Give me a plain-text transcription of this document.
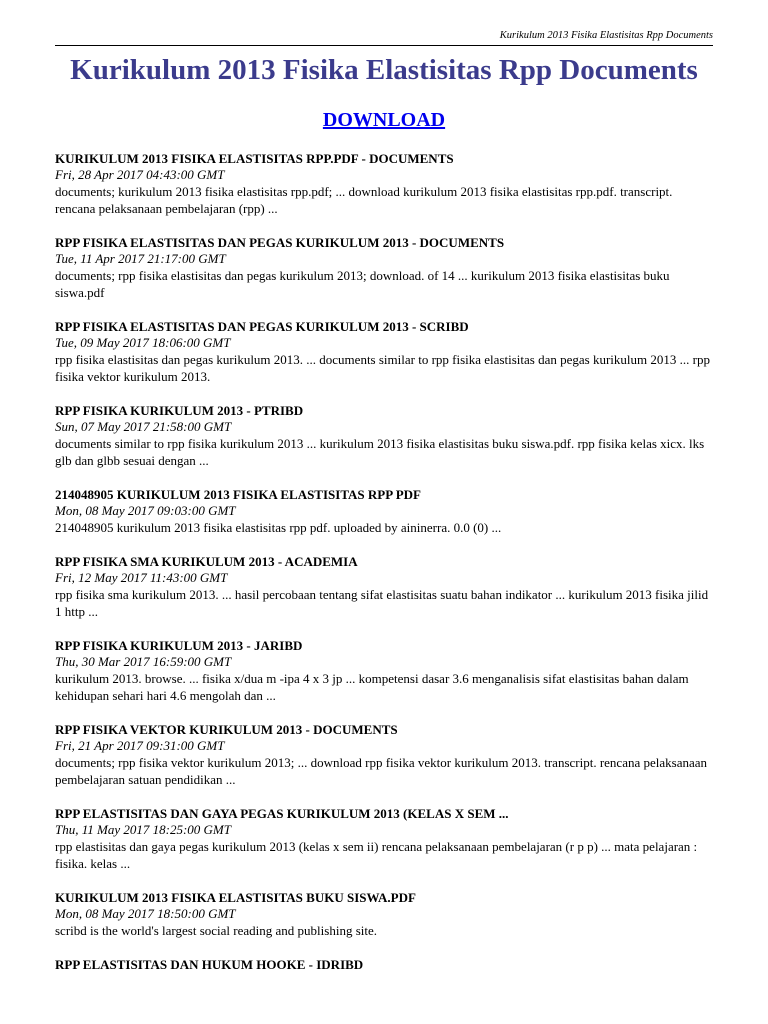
Kurikulum 2013 Fisika Elastisitas Rpp Documents
Kurikulum 2013 Fisika Elastisitas Rpp Documents
DOWNLOAD
KURIKULUM 2013 FISIKA ELASTISITAS RPP.PDF - DOCUMENTS
Fri, 28 Apr 2017 04:43:00 GMT
documents; kurikulum 2013 fisika elastisitas rpp.pdf; ... download kurikulum 2013 fisika elastisitas rpp.pdf. transcript. rencana pelaksanaan pembelajaran (rpp) ...
RPP FISIKA ELASTISITAS DAN PEGAS KURIKULUM 2013 - DOCUMENTS
Tue, 11 Apr 2017 21:17:00 GMT
documents; rpp fisika elastisitas dan pegas kurikulum 2013; download. of 14 ... kurikulum 2013 fisika elastisitas buku siswa.pdf
RPP FISIKA ELASTISITAS DAN PEGAS KURIKULUM 2013 - SCRIBD
Tue, 09 May 2017 18:06:00 GMT
rpp fisika elastisitas dan pegas kurikulum 2013. ... documents similar to rpp fisika elastisitas dan pegas kurikulum 2013 ... rpp fisika vektor kurikulum 2013.
RPP FISIKA KURIKULUM 2013 - PTRIBD
Sun, 07 May 2017 21:58:00 GMT
documents similar to rpp fisika kurikulum 2013 ... kurikulum 2013 fisika elastisitas buku siswa.pdf. rpp fisika kelas xicx. lks glb dan glbb sesuai dengan ...
214048905 KURIKULUM 2013 FISIKA ELASTISITAS RPP PDF
Mon, 08 May 2017 09:03:00 GMT
214048905 kurikulum 2013 fisika elastisitas rpp pdf. uploaded by aininerra. 0.0 (0) ...
RPP FISIKA SMA KURIKULUM 2013 - ACADEMIA
Fri, 12 May 2017 11:43:00 GMT
rpp fisika sma kurikulum 2013. ... hasil percobaan tentang sifat elastisitas suatu bahan indikator ... kurikulum 2013 fisika jilid 1 http ...
RPP FISIKA KURIKULUM 2013 - JARIBD
Thu, 30 Mar 2017 16:59:00 GMT
kurikulum 2013. browse. ... fisika x/dua m -ipa 4 x 3 jp ... kompetensi dasar 3.6 menganalisis sifat elastisitas bahan dalam kehidupan sehari hari 4.6 mengolah dan ...
RPP FISIKA VEKTOR KURIKULUM 2013 - DOCUMENTS
Fri, 21 Apr 2017 09:31:00 GMT
documents; rpp fisika vektor kurikulum 2013; ... download rpp fisika vektor kurikulum 2013. transcript. rencana pelaksanaan pembelajaran satuan pendidikan ...
RPP ELASTISITAS DAN GAYA PEGAS KURIKULUM 2013 (KELAS X SEM ...
Thu, 11 May 2017 18:25:00 GMT
rpp elastisitas dan gaya pegas kurikulum 2013 (kelas x sem ii) rencana pelaksanaan pembelajaran (r p p) ... mata pelajaran : fisika. kelas ...
KURIKULUM 2013 FISIKA ELASTISITAS BUKU SISWA.PDF
Mon, 08 May 2017 18:50:00 GMT
scribd is the world's largest social reading and publishing site.
RPP ELASTISITAS DAN HUKUM HOOKE - IDRIBD
